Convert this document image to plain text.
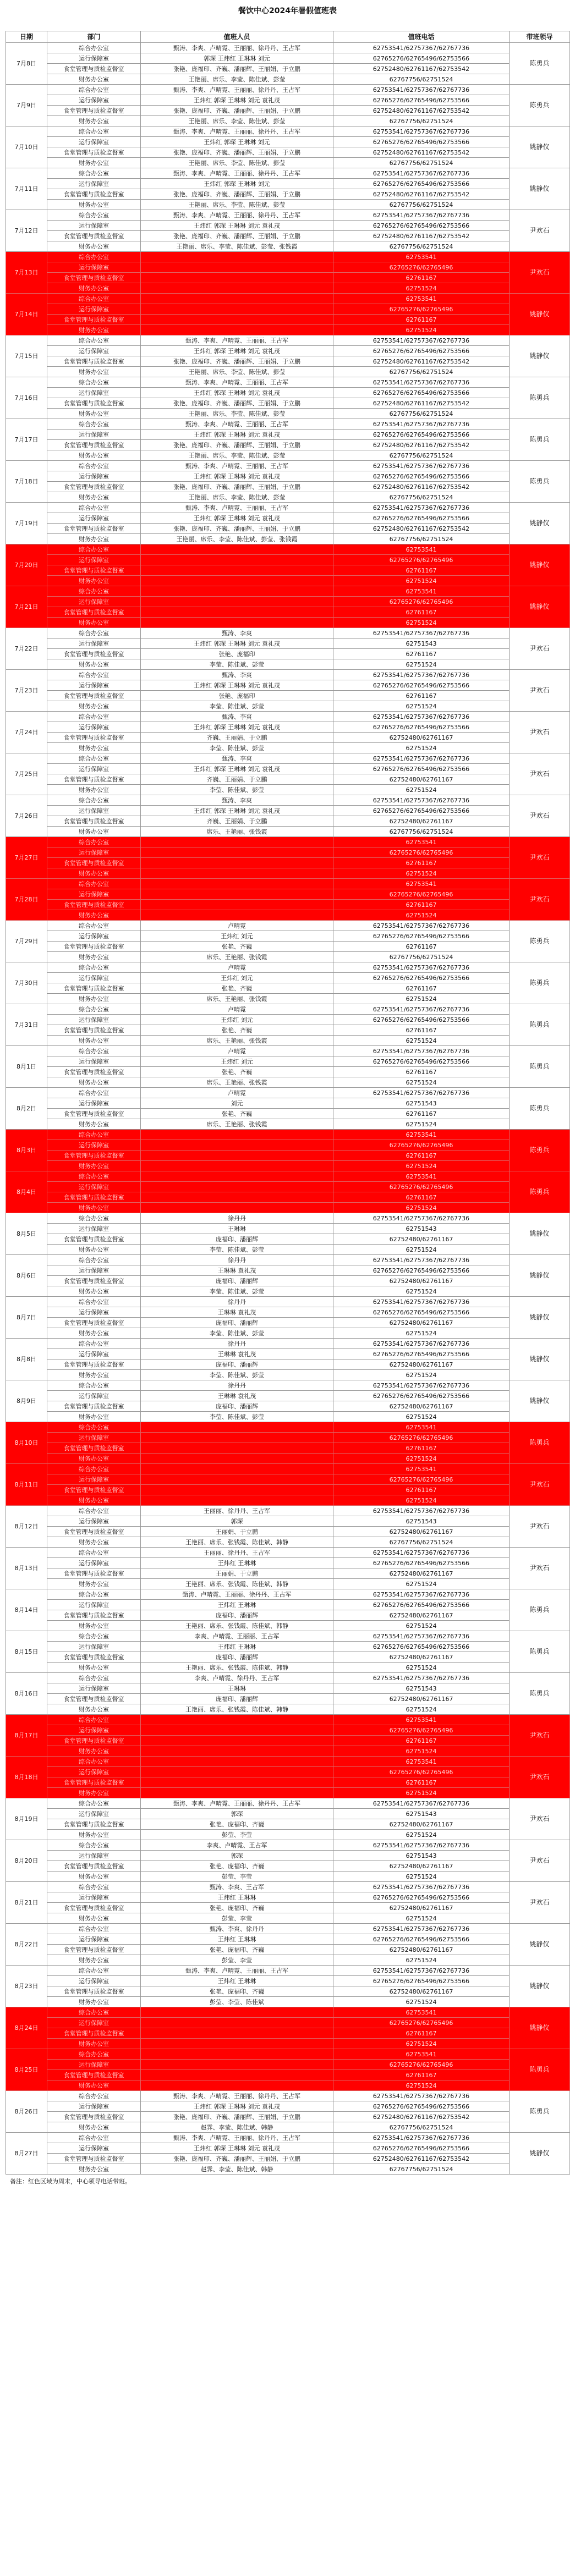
餐饮中心2024年暑假值班表
日期	部门	值班人员	值班电话	带班领导
7月8日	综合办公室	甄涛、李爽、卢晴霓、王丽丽、徐丹丹、王占军	62753541/62757367/62767736	陈勇兵
	运行保障室	郭琛 王炜红 王琳琳 刘元	62765276/62765496/62753566	
	食堂管理与质检监督室	张艳、庞福印、齐巍、潘丽辉、王丽娟、于立鹏	62752480/62761167/62753542	
	财务办公室	王艳丽、席乐、李莹、陈佳斌、彭莹	62767756/62751524	
7月9日	综合办公室	甄涛、李爽、卢晴霓、王丽丽、徐丹丹、王占军	62753541/62757367/62767736	陈勇兵
	运行保障室	王炜红 郭琛 王琳琳 刘元 袁礼茂	62765276/62765496/62753566	
	食堂管理与质检监督室	张艳、庞福印、齐巍、潘丽辉、王丽娟、于立鹏	62752480/62761167/62753542	
	财务办公室	王艳丽、席乐、李莹、陈佳斌、彭莹	62767756/62751524	
7月10日	综合办公室	甄涛、李爽、卢晴霓、王丽丽、徐丹丹、王占军	62753541/62757367/62767736	姚静仪
	运行保障室	王炜红 郭琛 王琳琳 刘元	62765276/62765496/62753566	
	食堂管理与质检监督室	张艳、庞福印、齐巍、潘丽辉、王丽娟、于立鹏	62752480/62761167/62753542	
	财务办公室	王艳丽、席乐、李莹、陈佳斌、彭莹	62767756/62751524	
7月11日	综合办公室	甄涛、李爽、卢晴霓、王丽丽、徐丹丹、王占军	62753541/62757367/62767736	姚静仪
	运行保障室	王炜红 郭琛 王琳琳 刘元	62765276/62765496/62753566	
	食堂管理与质检监督室	张艳、庞福印、齐巍、潘丽辉、王丽娟、于立鹏	62752480/62761167/62753542	
	财务办公室	王艳丽、席乐、李莹、陈佳斌、彭莹	62767756/62751524	
7月12日	综合办公室	甄涛、李爽、卢晴霓、王丽丽、徐丹丹、王占军	62753541/62757367/62767736	尹欢石
	运行保障室	王炜红 郭琛 王琳琳 刘元 袁礼茂	62765276/62765496/62753566	
	食堂管理与质检监督室	张艳、庞福印、齐巍、潘丽辉、王丽娟、于立鹏	62752480/62761167/62753542	
	财务办公室	王艳丽、席乐、李莹、陈佳斌、彭莹、张钱霞	62767756/62751524	
7月13日	综合办公室		62753541	尹欢石
	运行保障室		62765276/62765496	
	食堂管理与质检监督室		62761167	
	财务办公室		62751524	
7月14日	综合办公室		62753541	姚静仪
	运行保障室		62765276/62765496	
	食堂管理与质检监督室		62761167	
	财务办公室		62751524	
7月15日	综合办公室	甄涛、李爽、卢晴霓、王丽丽、王占军	62753541/62757367/62767736	姚静仪
	运行保障室	王炜红 郭琛 王琳琳 刘元 袁礼茂	62765276/62765496/62753566	
	食堂管理与质检监督室	张艳、庞福印、齐巍、潘丽辉、王丽娟、于立鹏	62752480/62761167/62753542	
	财务办公室	王艳丽、席乐、李莹、陈佳斌、彭莹	62767756/62751524	
7月16日	综合办公室	甄涛、李爽、卢晴霓、王丽丽、王占军	62753541/62757367/62767736	陈勇兵
	运行保障室	王炜红 郭琛 王琳琳 刘元 袁礼茂	62765276/62765496/62753566	
	食堂管理与质检监督室	张艳、庞福印、齐巍、潘丽辉、王丽娟、于立鹏	62752480/62761167/62753542	
	财务办公室	王艳丽、席乐、李莹、陈佳斌、彭莹	62767756/62751524	
7月17日	综合办公室	甄涛、李爽、卢晴霓、王丽丽、王占军	62753541/62757367/62767736	陈勇兵
	运行保障室	王炜红 郭琛 王琳琳 刘元 袁礼茂	62765276/62765496/62753566	
	食堂管理与质检监督室	张艳、庞福印、齐巍、潘丽辉、王丽娟、于立鹏	62752480/62761167/62753542	
	财务办公室	王艳丽、席乐、李莹、陈佳斌、彭莹	62767756/62751524	
7月18日	综合办公室	甄涛、李爽、卢晴霓、王丽丽、王占军	62753541/62757367/62767736	陈勇兵
	运行保障室	王炜红 郭琛 王琳琳 刘元 袁礼茂	62765276/62765496/62753566	
	食堂管理与质检监督室	张艳、庞福印、齐巍、潘丽辉、王丽娟、于立鹏	62752480/62761167/62753542	
	财务办公室	王艳丽、席乐、李莹、陈佳斌、彭莹	62767756/62751524	
7月19日	综合办公室	甄涛、李爽、卢晴霓、王丽丽、王占军	62753541/62757367/62767736	姚静仪
	运行保障室	王炜红 郭琛 王琳琳 刘元 袁礼茂	62765276/62765496/62753566	
	食堂管理与质检监督室	张艳、庞福印、齐巍、潘丽辉、王丽娟、于立鹏	62752480/62761167/62753542	
	财务办公室	王艳丽、席乐、李莹、陈佳斌、彭莹、张钱霞	62767756/62751524	
7月20日	综合办公室		62753541	姚静仪
	运行保障室		62765276/62765496	
	食堂管理与质检监督室		62761167	
	财务办公室		62751524	
7月21日	综合办公室		62753541	姚静仪
	运行保障室		62765276/62765496	
	食堂管理与质检监督室		62761167	
	财务办公室		62751524	
7月22日	综合办公室	甄涛、李爽	62753541/62757367/62767736	尹欢石
	运行保障室	王炜红 郭琛 王琳琳 刘元 袁礼茂	62751543	
	食堂管理与质检监督室	张艳、庞福印	62761167	
	财务办公室	李莹、陈佳斌、彭莹	62751524	
7月23日	综合办公室	甄涛、李爽	62753541/62757367/62767736	尹欢石
	运行保障室	王炜红 郭琛 王琳琳 刘元 袁礼茂	62765276/62765496/62753566	
	食堂管理与质检监督室	张艳、庞福印	62761167	
	财务办公室	李莹、陈佳斌、彭莹	62751524	
7月24日	综合办公室	甄涛、李爽	62753541/62757367/62767736	尹欢石
	运行保障室	王炜红 郭琛 王琳琳 刘元 袁礼茂	62765276/62765496/62753566	
	食堂管理与质检监督室	齐巍、王丽娟、于立鹏	62752480/62761167	
	财务办公室	李莹、陈佳斌、彭莹	62751524	
7月25日	综合办公室	甄涛、李爽	62753541/62757367/62767736	尹欢石
	运行保障室	王炜红 郭琛 王琳琳 刘元 袁礼茂	62765276/62765496/62753566	
	食堂管理与质检监督室	齐巍、王丽娟、于立鹏	62752480/62761167	
	财务办公室	李莹、陈佳斌、彭莹	62751524	
7月26日	综合办公室	甄涛、李爽	62753541/62757367/62767736	尹欢石
	运行保障室	王炜红 郭琛 王琳琳 刘元 袁礼茂	62765276/62765496/62753566	
	食堂管理与质检监督室	齐巍、王丽娟、于立鹏	62752480/62761167	
	财务办公室	席乐、王艳丽、张钱霞	62767756/62751524	
7月27日	综合办公室		62753541	尹欢石
	运行保障室		62765276/62765496	
	食堂管理与质检监督室		62761167	
	财务办公室		62751524	
7月28日	综合办公室		62753541	尹欢石
	运行保障室		62765276/62765496	
	食堂管理与质检监督室		62761167	
	财务办公室		62751524	
7月29日	综合办公室	卢晴霓	62753541/62757367/62767736	陈勇兵
	运行保障室	王炜红 刘元	62765276/62765496/62753566	
	食堂管理与质检监督室	张艳、齐巍	62761167	
	财务办公室	席乐、王艳丽、张钱霞	62767756/62751524	
7月30日	综合办公室	卢晴霓	62753541/62757367/62767736	陈勇兵
	运行保障室	王炜红 刘元	62765276/62765496/62753566	
	食堂管理与质检监督室	张艳、齐巍	62761167	
	财务办公室	席乐、王艳丽、张钱霞	62751524	
7月31日	综合办公室	卢晴霓	62753541/62757367/62767736	陈勇兵
	运行保障室	王炜红 刘元	62765276/62765496/62753566	
	食堂管理与质检监督室	张艳、齐巍	62761167	
	财务办公室	席乐、王艳丽、张钱霞	62751524	
8月1日	综合办公室	卢晴霓	62753541/62757367/62767736	陈勇兵
	运行保障室	王炜红 刘元	62765276/62765496/62753566	
	食堂管理与质检监督室	张艳、齐巍	62761167	
	财务办公室	席乐、王艳丽、张钱霞	62751524	
8月2日	综合办公室	卢晴霓	62753541/62757367/62767736	陈勇兵
	运行保障室	刘元	62751543	
	食堂管理与质检监督室	张艳、齐巍	62761167	
	财务办公室	席乐、王艳丽、张钱霞	62751524	
8月3日	综合办公室		62753541	陈勇兵
	运行保障室		62765276/62765496	
	食堂管理与质检监督室		62761167	
	财务办公室		62751524	
8月4日	综合办公室		62753541	陈勇兵
	运行保障室		62765276/62765496	
	食堂管理与质检监督室		62761167	
	财务办公室		62751524	
8月5日	综合办公室	徐丹丹	62753541/62757367/62767736	姚静仪
	运行保障室	王琳琳	62751543	
	食堂管理与质检监督室	庞福印、潘丽辉	62752480/62761167	
	财务办公室	李莹、陈佳斌、彭莹	62751524	
8月6日	综合办公室	徐丹丹	62753541/62757367/62767736	姚静仪
	运行保障室	王琳琳 袁礼茂	62765276/62765496/62753566	
	食堂管理与质检监督室	庞福印、潘丽辉	62752480/62761167	
	财务办公室	李莹、陈佳斌、彭莹	62751524	
8月7日	综合办公室	徐丹丹	62753541/62757367/62767736	姚静仪
	运行保障室	王琳琳 袁礼茂	62765276/62765496/62753566	
	食堂管理与质检监督室	庞福印、潘丽辉	62752480/62761167	
	财务办公室	李莹、陈佳斌、彭莹	62751524	
8月8日	综合办公室	徐丹丹	62753541/62757367/62767736	姚静仪
	运行保障室	王琳琳 袁礼茂	62765276/62765496/62753566	
	食堂管理与质检监督室	庞福印、潘丽辉	62752480/62761167	
	财务办公室	李莹、陈佳斌、彭莹	62751524	
8月9日	综合办公室	徐丹丹	62753541/62757367/62767736	姚静仪
	运行保障室	王琳琳 袁礼茂	62765276/62765496/62753566	
	食堂管理与质检监督室	庞福印、潘丽辉	62752480/62761167	
	财务办公室	李莹、陈佳斌、彭莹	62751524	
8月10日	综合办公室		62753541	陈勇兵
	运行保障室		62765276/62765496	
	食堂管理与质检监督室		62761167	
	财务办公室		62751524	
8月11日	综合办公室		62753541	尹欢石
	运行保障室		62765276/62765496	
	食堂管理与质检监督室		62761167	
	财务办公室		62751524	
8月12日	综合办公室	王丽丽、徐丹丹、王占军	62753541/62757367/62767736	尹欢石
	运行保障室	郭琛	62751543	
	食堂管理与质检监督室	王丽娟、于立鹏	62752480/62761167	
	财务办公室	王艳丽、席乐、张钱霞、陈佳斌、韩静	62767756/62751524	
8月13日	综合办公室	王丽丽、徐丹丹、王占军	62753541/62757367/62767736	尹欢石
	运行保障室	王炜红 王琳琳	62765276/62765496/62753566	
	食堂管理与质检监督室	王丽娟、于立鹏	62752480/62761167	
	财务办公室	王艳丽、席乐、张钱霞、陈佳斌、韩静	62751524	
8月14日	综合办公室	甄涛、卢晴霓、王丽丽、徐丹丹、王占军	62753541/62757367/62767736	陈勇兵
	运行保障室	王炜红 王琳琳	62765276/62765496/62753566	
	食堂管理与质检监督室	庞福印、潘丽辉	62752480/62761167	
	财务办公室	王艳丽、席乐、张钱霞、陈佳斌、韩静	62751524	
8月15日	综合办公室	李爽、卢晴霓、王丽丽、王占军	62753541/62757367/62767736	陈勇兵
	运行保障室	王炜红 王琳琳	62765276/62765496/62753566	
	食堂管理与质检监督室	庞福印、潘丽辉	62752480/62761167	
	财务办公室	王艳丽、席乐、张钱霞、陈佳斌、韩静	62751524	
8月16日	综合办公室	李爽、卢晴霓、徐丹丹、王占军	62753541/62757367/62767736	陈勇兵
	运行保障室	王琳琳	62751543	
	食堂管理与质检监督室	庞福印、潘丽辉	62752480/62761167	
	财务办公室	王艳丽、席乐、张钱霞、陈佳斌、韩静	62751524	
8月17日	综合办公室		62753541	尹欢石
	运行保障室		62765276/62765496	
	食堂管理与质检监督室		62761167	
	财务办公室		62751524	
8月18日	综合办公室		62753541	尹欢石
	运行保障室		62765276/62765496	
	食堂管理与质检监督室		62761167	
	财务办公室		62751524	
8月19日	综合办公室	甄涛、李爽、卢晴霓、王丽丽、徐丹丹、王占军	62753541/62757367/62767736	尹欢石
	运行保障室	郭琛	62751543	
	食堂管理与质检监督室	张艳、庞福印、齐巍	62752480/62761167	
	财务办公室	彭莹、李莹	62751524	
8月20日	综合办公室	李爽、卢晴霓、王占军	62753541/62757367/62767736	尹欢石
	运行保障室	郭琛	62751543	
	食堂管理与质检监督室	张艳、庞福印、齐巍	62752480/62761167	
	财务办公室	彭莹、李莹	62751524	
8月21日	综合办公室	甄涛、李爽、王占军	62753541/62757367/62767736	尹欢石
	运行保障室	王炜红 王琳琳	62765276/62765496/62753566	
	食堂管理与质检监督室	张艳、庞福印、齐巍	62752480/62761167	
	财务办公室	彭莹、李莹	62751524	
8月22日	综合办公室	甄涛、李爽、徐丹丹	62753541/62757367/62767736	姚静仪
	运行保障室	王炜红 王琳琳	62765276/62765496/62753566	
	食堂管理与质检监督室	张艳、庞福印、齐巍	62752480/62761167	
	财务办公室	彭莹、李莹	62751524	
8月23日	综合办公室	甄涛、李爽、卢晴霓、王丽丽、王占军	62753541/62757367/62767736	姚静仪
	运行保障室	王炜红 王琳琳	62765276/62765496/62753566	
	食堂管理与质检监督室	张艳、庞福印、齐巍	62752480/62761167	
	财务办公室	彭莹、李莹、陈佳斌	62751524	
8月24日	综合办公室		62753541	姚静仪
	运行保障室		62765276/62765496	
	食堂管理与质检监督室		62761167	
	财务办公室		62751524	
8月25日	综合办公室		62753541	陈勇兵
	运行保障室		62765276/62765496	
	食堂管理与质检监督室		62761167	
	财务办公室		62751524	
8月26日	综合办公室	甄涛、李爽、卢晴霓、王丽丽、徐丹丹、王占军	62753541/62757367/62767736	陈勇兵
	运行保障室	王炜红 郭琛 王琳琳 刘元 袁礼茂	62765276/62765496/62753566	
	食堂管理与质检监督室	张艳、庞福印、齐巍、潘丽辉、王丽娟、于立鹏	62752480/62761167/62753542	
	财务办公室	赵霁、李莹、陈佳斌、韩静	62767756/62751524	
8月27日	综合办公室	甄涛、李爽、卢晴霓、王丽丽、徐丹丹、王占军	62753541/62757367/62767736	姚静仪
	运行保障室	王炜红 郭琛 王琳琳 刘元 袁礼茂	62765276/62765496/62753566	
	食堂管理与质检监督室	张艳、庞福印、齐巍、潘丽辉、王丽娟、于立鹏	62752480/62761167/62753542	
	财务办公室	赵霁、李莹、陈佳斌、韩静	62767756/62751524	
备注：红色区域为周末，中心领导电话带班。
